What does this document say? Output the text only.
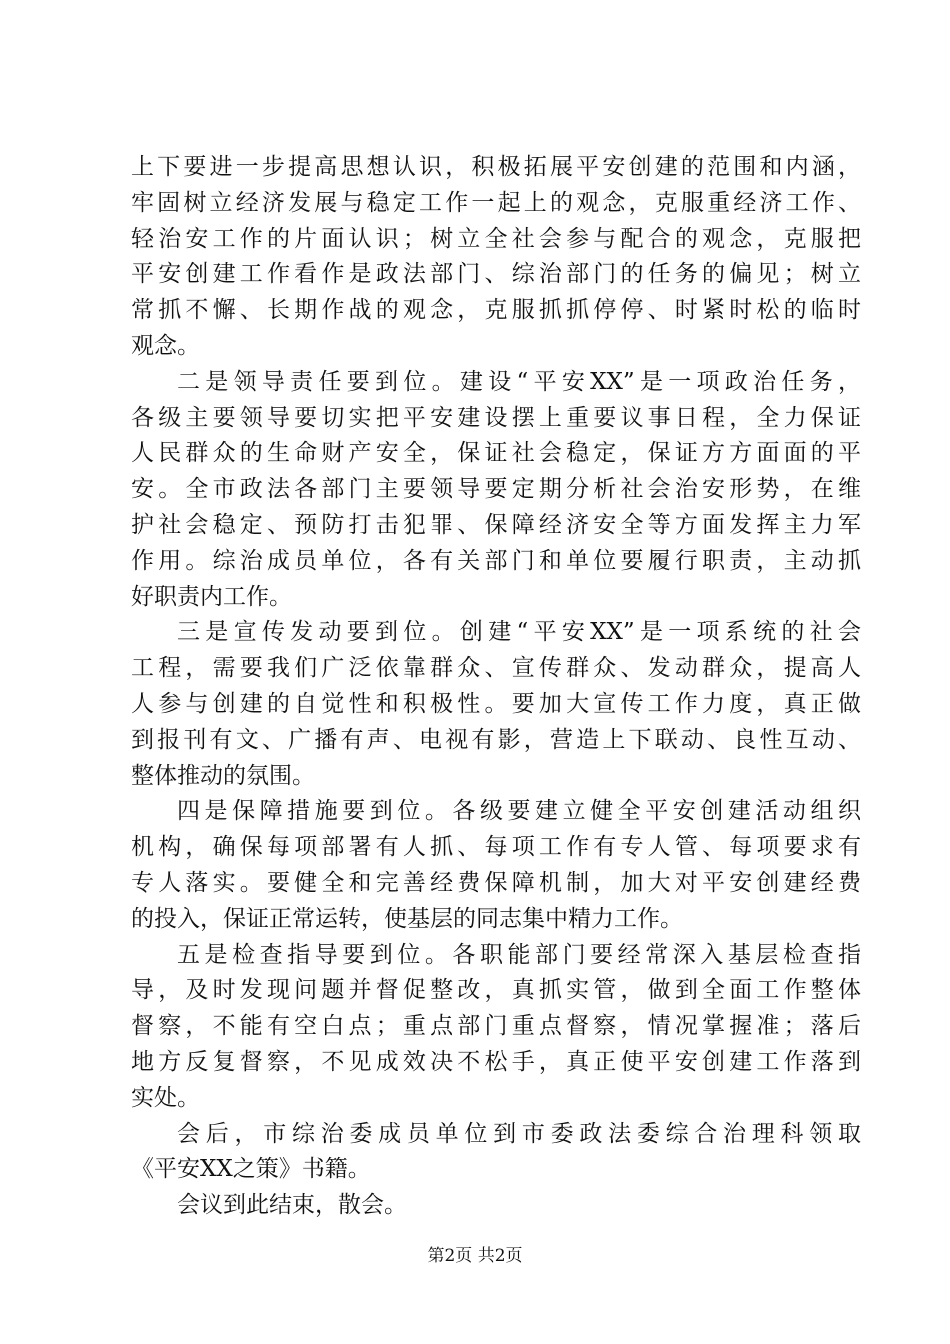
上下要进一步提高思想认识，积极拓展平安创建的范围和内涵，
牢固树立经济发展与稳定工作一起上的观念，克服重经济工作、
轻治安工作的片面认识；树立全社会参与配合的观念，克服把
平安创建工作看作是政法部门、综治部门的任务的偏见；树立
常抓不懈、长期作战的观念，克服抓抓停停、时紧时松的临时
观念。
二是领导责任要到位。建设“平安XX”是一项政治任务，
各级主要领导要切实把平安建设摆上重要议事日程，全力保证
人民群众的生命财产安全，保证社会稳定，保证方方面面的平
安。全市政法各部门主要领导要定期分析社会治安形势，在维
护社会稳定、预防打击犯罪、保障经济安全等方面发挥主力军
作用。综治成员单位，各有关部门和单位要履行职责，主动抓
好职责内工作。
三是宣传发动要到位。创建“平安XX”是一项系统的社会
工程，需要我们广泛依靠群众、宣传群众、发动群众，提高人
人参与创建的自觉性和积极性。要加大宣传工作力度，真正做
到报刊有文、广播有声、电视有影，营造上下联动、良性互动、
整体推动的氛围。
四是保障措施要到位。各级要建立健全平安创建活动组织
机构，确保每项部署有人抓、每项工作有专人管、每项要求有
专人落实。要健全和完善经费保障机制，加大对平安创建经费
的投入，保证正常运转，使基层的同志集中精力工作。
五是检查指导要到位。各职能部门要经常深入基层检查指
导，及时发现问题并督促整改，真抓实管，做到全面工作整体
督察，不能有空白点；重点部门重点督察，情况掌握准；落后
地方反复督察，不见成效决不松手，真正使平安创建工作落到
实处。
会后，市综治委成员单位到市委政法委综合治理科领取
《平安XX之策》书籍。
会议到此结束，散会。
第2页 共2页
